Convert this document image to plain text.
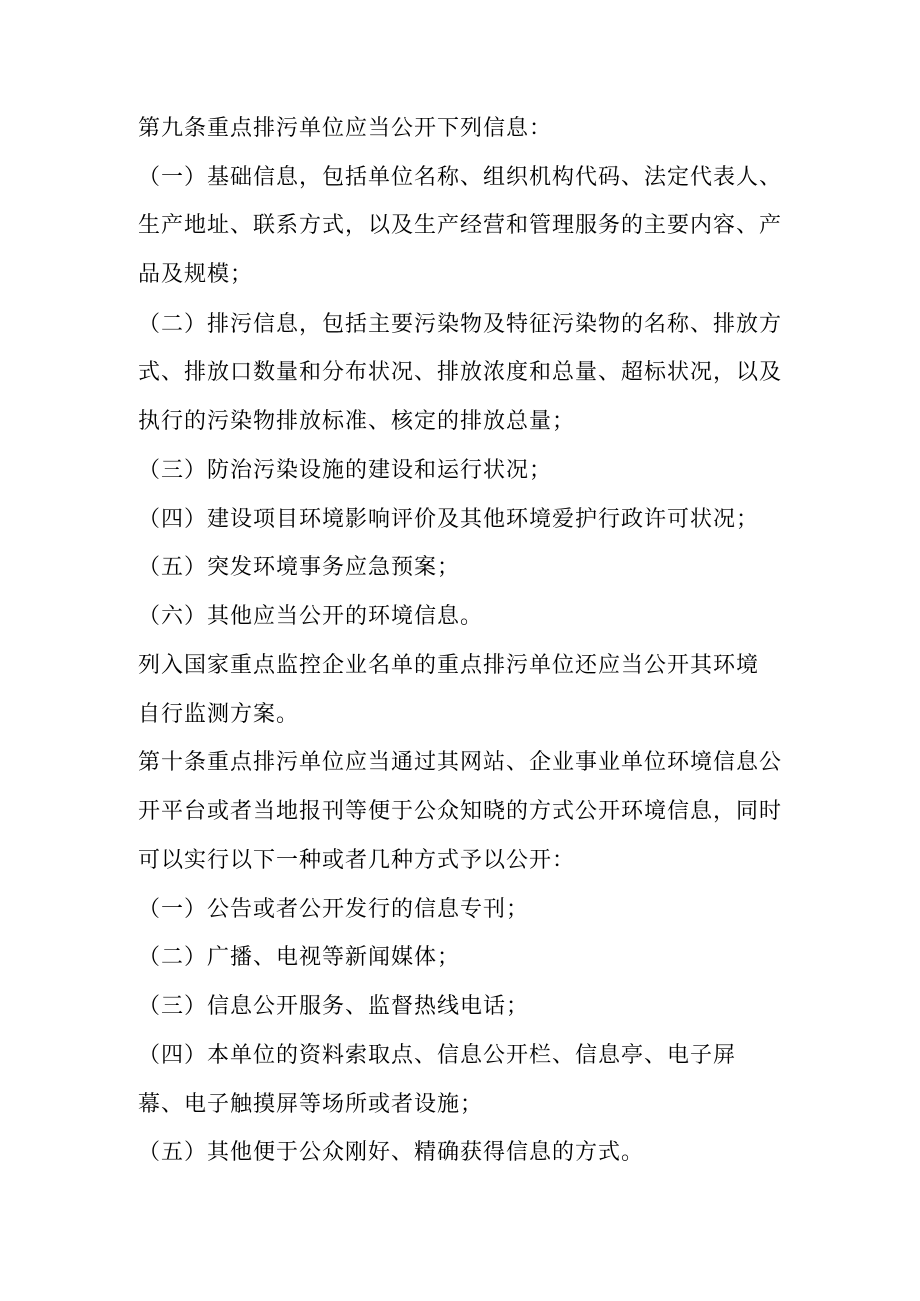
第九条重点排污单位应当公开下列信息：
（一）基础信息，包括单位名称、组织机构代码、法定代表人、
生产地址、联系方式，以及生产经营和管理服务的主要内容、产
品及规模；
（二）排污信息，包括主要污染物及特征污染物的名称、排放方
式、排放口数量和分布状况、排放浓度和总量、超标状况，以及
执行的污染物排放标准、核定的排放总量；
（三）防治污染设施的建设和运行状况；
（四）建设项目环境影响评价及其他环境爱护行政许可状况；
（五）突发环境事务应急预案；
（六）其他应当公开的环境信息。
列入国家重点监控企业名单的重点排污单位还应当公开其环境
自行监测方案。
第十条重点排污单位应当通过其网站、企业事业单位环境信息公
开平台或者当地报刊等便于公众知晓的方式公开环境信息，同时
可以实行以下一种或者几种方式予以公开：
（一）公告或者公开发行的信息专刊；
（二）广播、电视等新闻媒体；
（三）信息公开服务、监督热线电话；
（四）本单位的资料索取点、信息公开栏、信息亭、电子屏
幕、电子触摸屏等场所或者设施；
（五）其他便于公众刚好、精确获得信息的方式。
